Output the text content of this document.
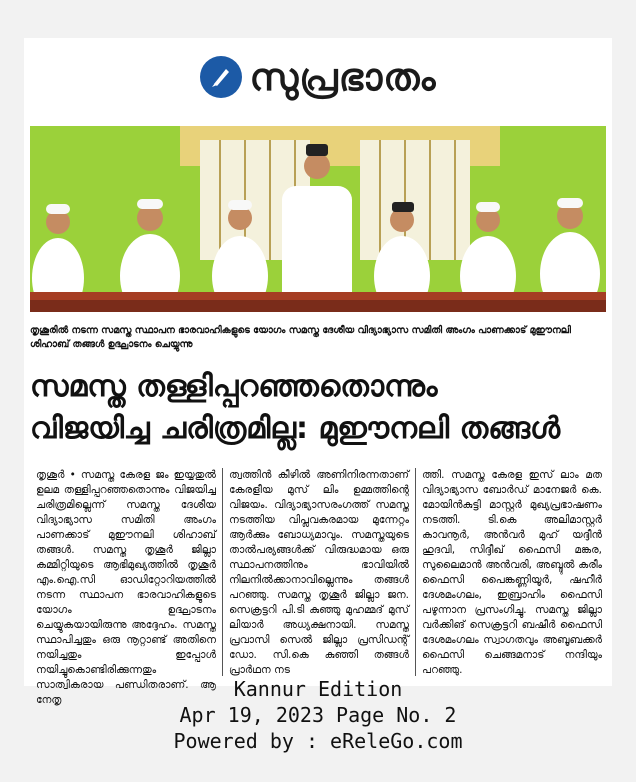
സുപ്രഭാതം
തൃശൂരിൽ നടന്ന സമസ്ത സ്ഥാപന ഭാരവാഹികളുടെ യോഗം സമസ്ത ദേശീയ വിദ്യാഭ്യാസ സമിതി അംഗം പാണക്കാട് മുഈനലി ശിഹാബ് തങ്ങൾ ഉദ്ഘാടനം ചെയ്യുന്നു
സമസ്ത തള്ളിപ്പറഞ്ഞതൊന്നും
വിജയിച്ച ചരിത്രമില്ല: മുഈനലി തങ്ങൾ

തൃശൂർ • സമസ്ത കേരള ജം ഇയ്യതുൽ ഉലമ തള്ളിപ്പറഞ്ഞതൊന്നും വിജയിച്ച ചരിത്രമില്ലെന്ന് സമസ്ത ദേശീയ വിദ്യാഭ്യാസ സമിതി അംഗം പാണക്കാട് മുഈനലി ശിഹാബ് തങ്ങൾ. സമസ്ത തൃശൂർ ജില്ലാ കമ്മിറ്റിയുടെ ആഭിമുഖ്യത്തിൽ തൃശൂർ എം.ഐ.സി ഓഡിറ്റോറിയത്തിൽ നടന്ന സ്ഥാപന ഭാരവാഹികളുടെ യോഗം ഉദ്ഘാടനം ചെയ്യുകയായിരുന്നു അദ്ദേഹം. സമസ്ത സ്ഥാപിച്ചതും ഒരു നൂറ്റാണ്ട് അതിനെ നയിച്ചതും ഇപ്പോൾ നയിച്ചുകൊണ്ടിരിക്കുന്നതും സാത്വികരായ പണ്ഡിതരാണ്. ആ നേതൃ

ത്വത്തിൻ കീഴിൽ അണിനിരന്നതാണ് കേരളീയ മുസ് ലിം ഉമ്മത്തിന്റെ വിജയം. വിദ്യാഭ്യാസരംഗത്ത് സമസ്ത നടത്തിയ വിപ്ലവകരമായ മുന്നേറ്റം ആർക്കും ബോധ്യമാവും. സമസ്തയുടെ താൽപര്യങ്ങൾക്ക് വിരുദ്ധമായ ഒരു സ്ഥാപനത്തിനും ഭാവിയിൽ നിലനിൽക്കാനാവില്ലെന്നും തങ്ങൾ പറഞ്ഞു. സമസ്ത തൃശൂർ ജില്ലാ ജന. സെക്രട്ടറി പി.ടി കുഞ്ഞു മുഹമ്മദ് മുസ് ലിയാർ അധ്യക്ഷനായി. സമസ്ത പ്രവാസി സെൽ ജില്ലാ പ്രസിഡന്റ് ഡോ. സി.കെ കുഞ്ഞി തങ്ങൾ പ്രാർഥന നട

ത്തി. സമസ്ത കേരള ഇസ് ലാം മത വിദ്യാഭ്യാസ ബോർഡ് മാനേജർ കെ. മോയിൻകുട്ടി മാസ്റ്റർ മുഖ്യപ്രഭാഷണം നടത്തി. ടി.കെ അലിമാസ്റ്റർ കാവനൂർ, അൻവർ മുഹ് യദ്ദീൻ ഹുദവി, സിദ്ദീഖ് ഫൈസി മങ്കര, സുലൈമാൻ അൻവരി, അബ്ദുൽ കരീം ഫൈസി പൈങ്കണ്ണിയൂർ, ഷഹീർ ദേശമംഗലം, ഇബ്രാഹിം ഫൈസി പഴുന്നാന പ്രസംഗിച്ചു. സമസ്ത ജില്ലാ വർക്കിങ് സെക്രട്ടറി ബഷീർ ഫൈസി ദേശമംഗലം സ്വാഗതവും അബൂബക്കർ ഫൈസി ചെങ്ങമനാട് നന്ദിയും പറഞ്ഞു.

Kannur Edition
Apr 19, 2023 Page No. 2
Powered by : eReleGo.com
